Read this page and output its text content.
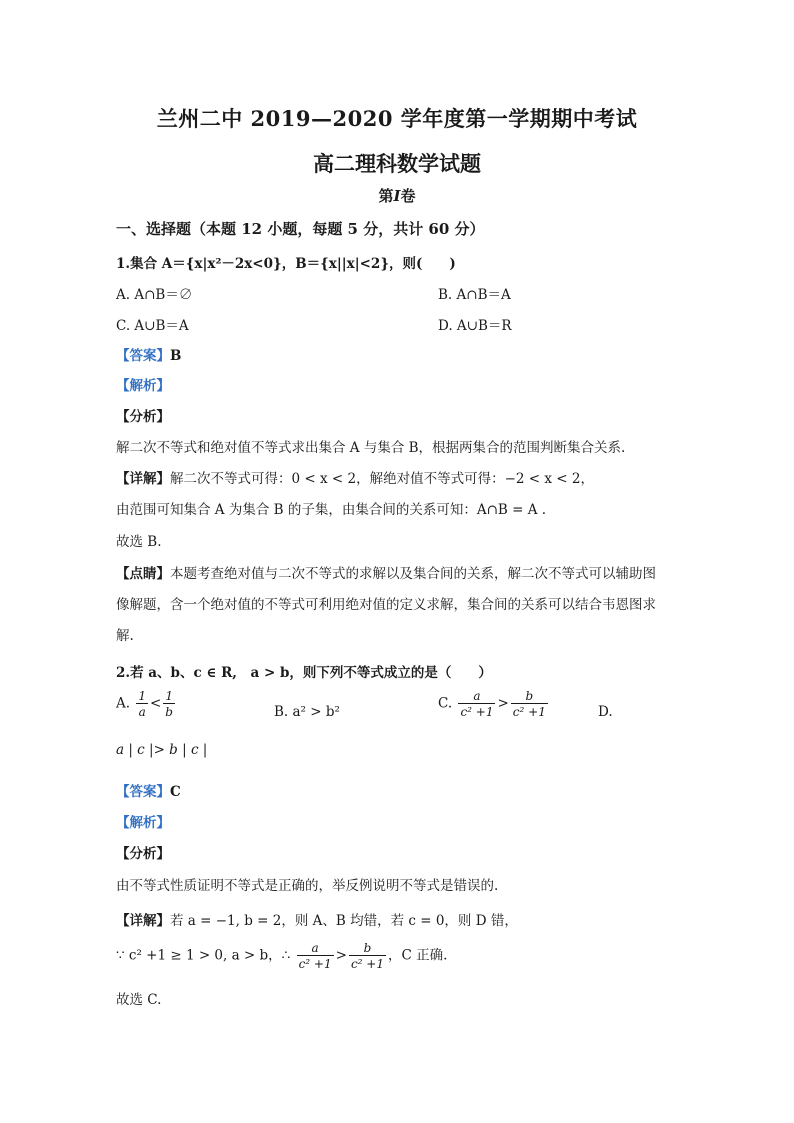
兰州二中 2019—2020 学年度第一学期期中考试
高二理科数学试题
第I卷
一、选择题（本题 12 小题，每题 5 分，共计 60 分）
1.集合 A＝{x|x²－2x<0}，B＝{x||x|<2}，则(　　)
A. A∩B＝∅	B. A∩B＝A
C. A∪B＝A	D. A∪B＝R
【答案】B
【解析】
【分析】
解二次不等式和绝对值不等式求出集合 A 与集合 B，根据两集合的范围判断集合关系.
【详解】解二次不等式可得：0 < x < 2，解绝对值不等式可得：−2 < x < 2，
由范围可知集合 A 为集合 B 的子集，由集合间的关系可知：A∩B = A .
故选 B.
【点睛】本题考查绝对值与二次不等式的求解以及集合间的关系，解二次不等式可以辅助图
像解题，含一个绝对值的不等式可利用绝对值的定义求解，集合间的关系可以结合韦恩图求
解.
2.若 a、b、c ∈ R,　a > b，则下列不等式成立的是（　　）
A. $\frac{1}{a} < \frac{1}{b}$	B. a² > b²
C. $\frac{a}{\text{c² +1}} > \frac{b}{\text{c² +1}}$	D.
a | c |> b | c |
【答案】C
【解析】
【分析】
由不等式性质证明不等式是正确的，举反例说明不等式是错误的.
【详解】若 a = −1, b = 2，则 A、B 均错，若 c = 0，则 D 错，
∵ c² +1 ≥ 1 > 0, a > b，∴ $\frac{a}{\text{c² +1}} > \frac{b}{\text{c² +1}}$ ，C 正确.
故选 C.
